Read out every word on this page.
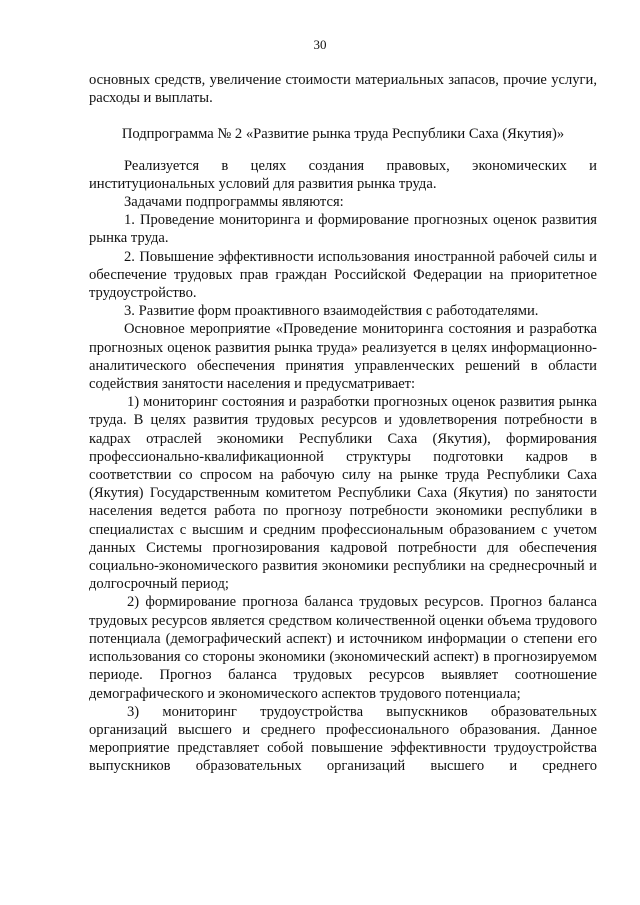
30

основных средств, увеличение стоимости материальных запасов, прочие услуги, расходы и выплаты.

Подпрограмма № 2 «Развитие рынка труда Республики Саха (Якутия)»

Реализуется в целях создания правовых, экономических и институциональных условий для развития рынка труда.

Задачами подпрограммы являются:

1. Проведение мониторинга и формирование прогнозных оценок развития рынка труда.

2. Повышение эффективности использования иностранной рабочей силы и обеспечение трудовых прав граждан Российской Федерации на приоритетное трудоустройство.

3. Развитие форм проактивного взаимодействия с работодателями.

Основное мероприятие «Проведение мониторинга состояния и разработка прогнозных оценок развития рынка труда» реализуется в целях информационно-аналитического обеспечения принятия управленческих решений в области содействия занятости населения и предусматривает:

1) мониторинг состояния и разработки прогнозных оценок развития рынка труда. В целях развития трудовых ресурсов и удовлетворения потребности в кадрах отраслей экономики Республики Саха (Якутия), формирования профессионально-квалификационной структуры подготовки кадров в соответствии со спросом на рабочую силу на рынке труда Республики Саха (Якутия) Государственным комитетом Республики Саха (Якутия) по занятости населения ведется работа по прогнозу потребности экономики республики в специалистах с высшим и средним профессиональным образованием с учетом данных Системы прогнозирования кадровой потребности для обеспечения социально-экономического развития экономики республики на среднесрочный и долгосрочный период;

2) формирование прогноза баланса трудовых ресурсов. Прогноз баланса трудовых ресурсов является средством количественной оценки объема трудового потенциала (демографический аспект) и источником информации о степени его использования со стороны экономики (экономический аспект) в прогнозируемом периоде. Прогноз баланса трудовых ресурсов выявляет соотношение демографического и экономического аспектов трудового потенциала;

3) мониторинг трудоустройства выпускников образовательных организаций высшего и среднего профессионального образования. Данное мероприятие представляет собой повышение эффективности трудоустройства выпускников образовательных организаций высшего и среднего
